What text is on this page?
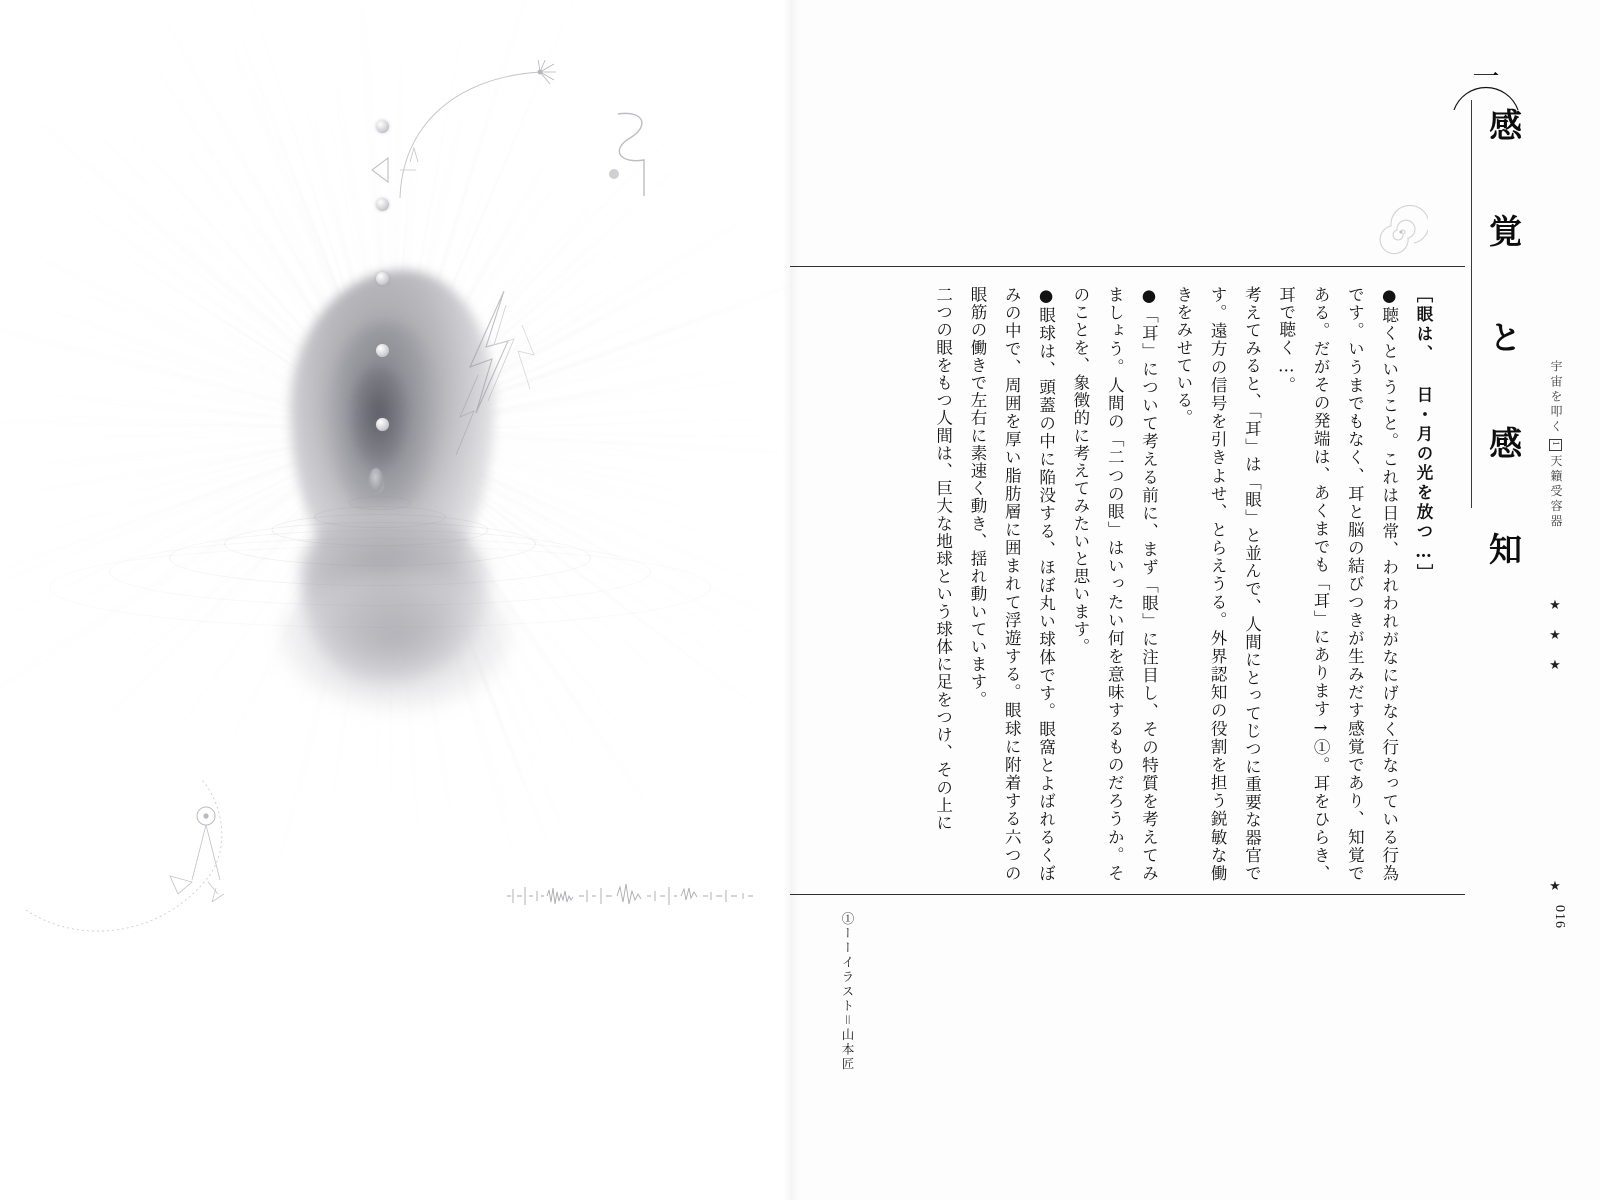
一
感 覚 と 感 知 宇宙を叩く1天籟受容器
★
★
★
★
016

［眼は、 日・月の光を放つ…］

●聴くということ。これは日常、われわれがなにげなく行なっている行為です。いうまでもなく、耳と脳の結びつきが生みだす感覚であり、知覚である。だがその発端は、あくまでも「耳」にあります→①。耳をひらき、耳で聴く…。

考えてみると、「耳」は「眼」と並んで、人間にとってじつに重要な器官です。遠方の信号を引きよせ、とらえうる。外界認知の役割を担う鋭敏な働きをみせている。

●「耳」について考える前に、まず「眼」に注目し、その特質を考えてみましょう。人間の「二つの眼」はいったい何を意味するものだろうか。そのことを、象徴的に考えてみたいと思います。

●眼球は、頭蓋の中に陥没する、ほぼ丸い球体です。眼窩とよばれるくぼみの中で、周囲を厚い脂肪層に囲まれて浮遊する。眼球に附着する六つの眼筋の働きで左右に素速く動き、揺れ動いています。

二つの眼をもつ人間は、巨大な地球という球体に足をつけ、その上に

①ーーイラスト＝山本匠
